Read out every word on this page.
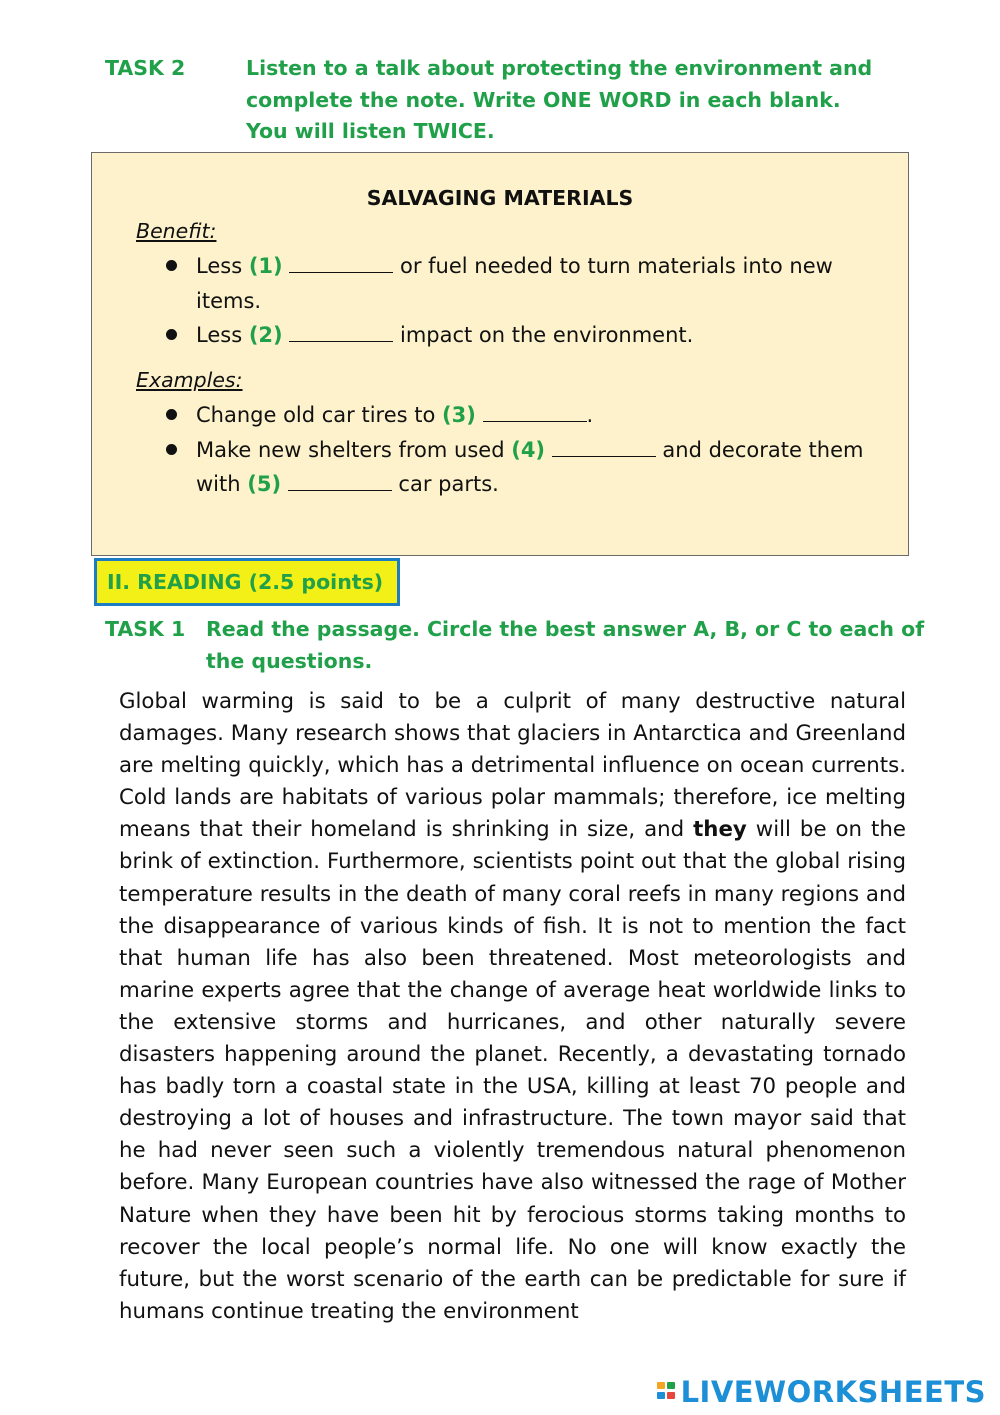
TASK 2	Listen to a talk about protecting the environment and
complete the note. Write ONE WORD in each blank.
You will listen TWICE.
SALVAGING MATERIALS
Benefit:
Less (1)	or fuel needed to turn materials into new items.
Less (2)	impact on the environment.
Examples:
Change old car tires to (3)	.
Make new shelters from used (4)	and decorate them with (5)	car parts.
II. READING (2.5 points)
TASK 1 Read the passage. Circle the best answer A, B, or C to each of
the questions.

Global warming is said to be a culprit of many destructive natural damages. Many research shows that glaciers in Antarctica and Greenland are melting quickly, which has a detrimental influence on ocean currents. Cold lands are habitats of various polar mammals; therefore, ice melting means that their homeland is shrinking in size, and they will be on the brink of extinction. Furthermore, scientists point out that the global rising temperature results in the death of many coral reefs in many regions and the disappearance of various kinds of fish. It is not to mention the fact that human life has also been threatened. Most meteorologists and marine experts agree that the change of average heat worldwide links to the extensive storms and hurricanes, and other naturally severe disasters happening around the planet. Recently, a devastating tornado has badly torn a coastal state in the USA, killing at least 70 people and destroying a lot of houses and infrastructure. The town mayor said that he had never seen such a violently tremendous natural phenomenon before. Many European countries have also witnessed the rage of Mother Nature when they have been hit by ferocious storms taking months to recover the local people’s normal life. No one will know exactly the future, but the worst scenario of the earth can be predictable for sure if humans continue treating the environment

LIVEWORKSHEETS
